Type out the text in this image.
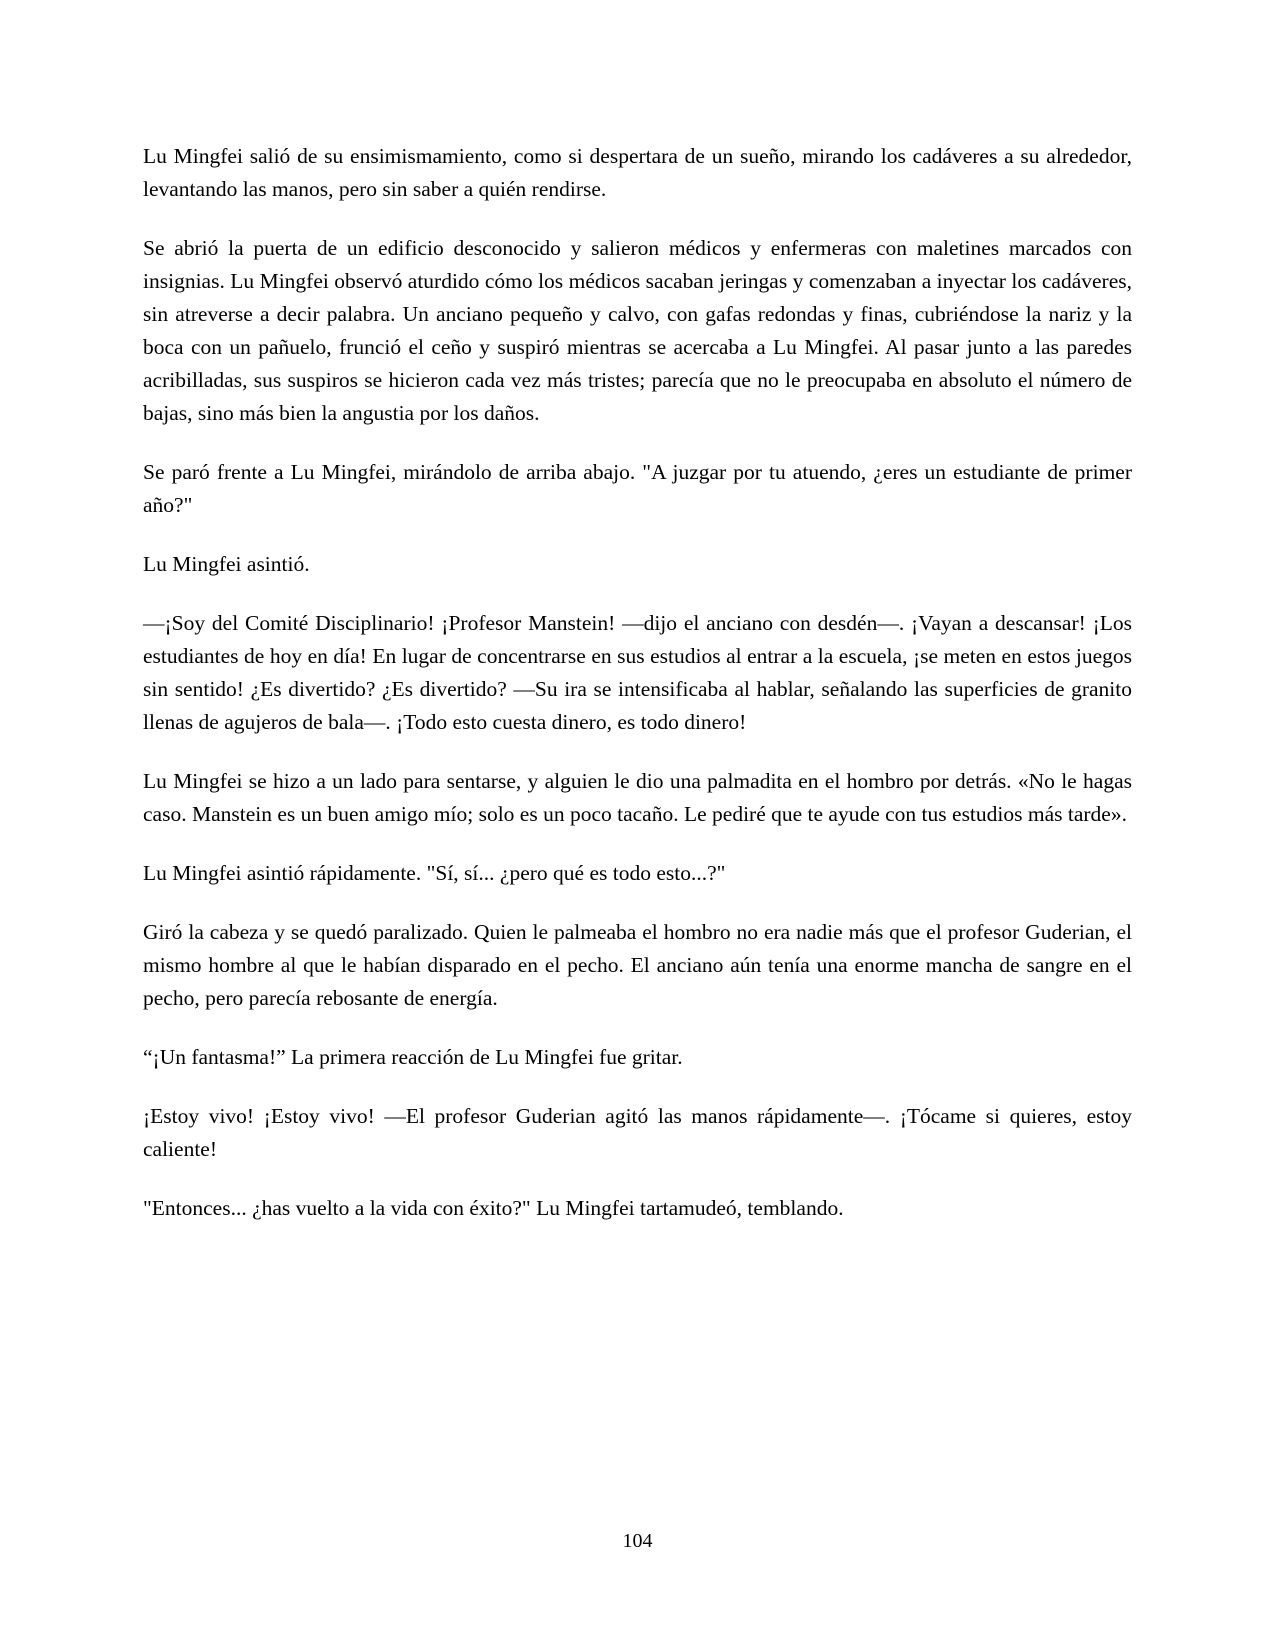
Lu Mingfei salió de su ensimismamiento, como si despertara de un sueño, mirando los cadáveres a su alrededor, levantando las manos, pero sin saber a quién rendirse.

Se abrió la puerta de un edificio desconocido y salieron médicos y enfermeras con maletines marcados con insignias. Lu Mingfei observó aturdido cómo los médicos sacaban jeringas y comenzaban a inyectar los cadáveres, sin atreverse a decir palabra. Un anciano pequeño y calvo, con gafas redondas y finas, cubriéndose la nariz y la boca con un pañuelo, frunció el ceño y suspiró mientras se acercaba a Lu Mingfei. Al pasar junto a las paredes acribilladas, sus suspiros se hicieron cada vez más tristes; parecía que no le preocupaba en absoluto el número de bajas, sino más bien la angustia por los daños.

Se paró frente a Lu Mingfei, mirándolo de arriba abajo. "A juzgar por tu atuendo, ¿eres un estudiante de primer año?"

Lu Mingfei asintió.

—¡Soy del Comité Disciplinario! ¡Profesor Manstein! —dijo el anciano con desdén—. ¡Vayan a descansar! ¡Los estudiantes de hoy en día! En lugar de concentrarse en sus estudios al entrar a la escuela, ¡se meten en estos juegos sin sentido! ¿Es divertido? ¿Es divertido? —Su ira se intensificaba al hablar, señalando las superficies de granito llenas de agujeros de bala—. ¡Todo esto cuesta dinero, es todo dinero!

Lu Mingfei se hizo a un lado para sentarse, y alguien le dio una palmadita en el hombro por detrás. «No le hagas caso. Manstein es un buen amigo mío; solo es un poco tacaño. Le pediré que te ayude con tus estudios más tarde».

Lu Mingfei asintió rápidamente. "Sí, sí... ¿pero qué es todo esto...?"

Giró la cabeza y se quedó paralizado. Quien le palmeaba el hombro no era nadie más que el profesor Guderian, el mismo hombre al que le habían disparado en el pecho. El anciano aún tenía una enorme mancha de sangre en el pecho, pero parecía rebosante de energía.

“¡Un fantasma!” La primera reacción de Lu Mingfei fue gritar.

¡Estoy vivo! ¡Estoy vivo! —El profesor Guderian agitó las manos rápidamente—. ¡Tócame si quieres, estoy caliente!

"Entonces... ¿has vuelto a la vida con éxito?" Lu Mingfei tartamudeó, temblando.

104
